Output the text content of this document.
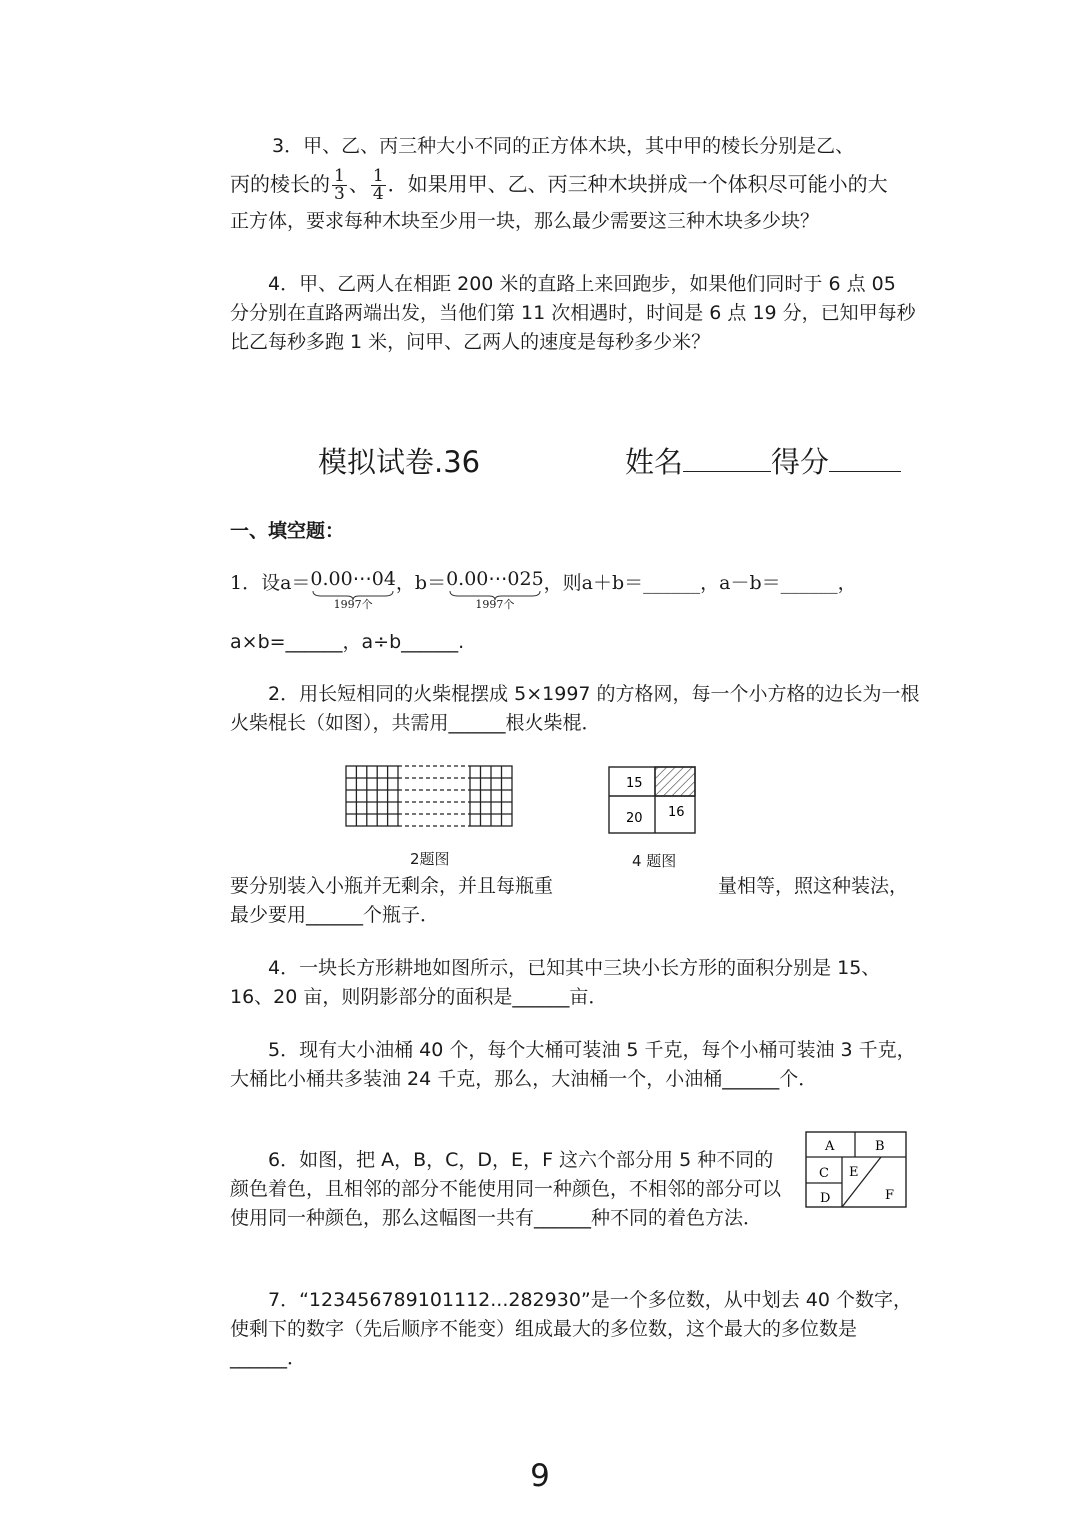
3．甲、乙、丙三种大小不同的正方体木块，其中甲的棱长分别是乙、
丙的棱长的 $\frac{1}{3}$ 、 $\frac{1}{4}$ ．如果用甲、乙、丙三种木块拼成一个体积尽可能小的大
正方体，要求每种木块至少用一块，那么最少需要这三种木块多少块？
4．甲、乙两人在相距 200 米的直路上来回跑步，如果他们同时于 6 点 05 分分别在直路两端出发，当他们第 11 次相遇时，时间是 6 点 19 分，已知甲每秒比乙每秒多跑 1 米，问甲、乙两人的速度是每秒多少米？
模拟试卷.36	姓名	得分
一、填空题：
1．设a＝ 0.00⋯04
1997个
， b＝ 0.00⋯025
1997个
，则a＋b＝______，a－b＝______，
a×b=______，a÷b______.
2．用长短相同的火柴棍摆成 5×1997 的方格网，每一个小方格的边长为一根火柴棍长（如图），共需用______根火柴棍．
2题图
15
20 16
4 题图
要分别装入小瓶并无剩余，并且每瓶重	量相等，照这种装法，
最少要用______个瓶子．
4．一块长方形耕地如图所示，已知其中三块小长方形的面积分别是 15、16、20 亩，则阴影部分的面积是______亩．
5．现有大小油桶 40 个，每个大桶可装油 5 千克，每个小桶可装油 3 千克，大桶比小桶共多装油 24 千克，那么，大油桶一个，小油桶______个．
6．如图，把 A，B，C，D，E，F 这六个部分用 5 种不同的颜色着色，且相邻的部分不能使用同一种颜色，不相邻的部分可以使用同一种颜色，那么这幅图一共有______种不同的着色方法．
A	B
C E
D	F
7．“123456789101112...282930”是一个多位数，从中划去 40 个数字，使剩下的数字（先后顺序不能变）组成最大的多位数，这个最大的多位数是______．
9
